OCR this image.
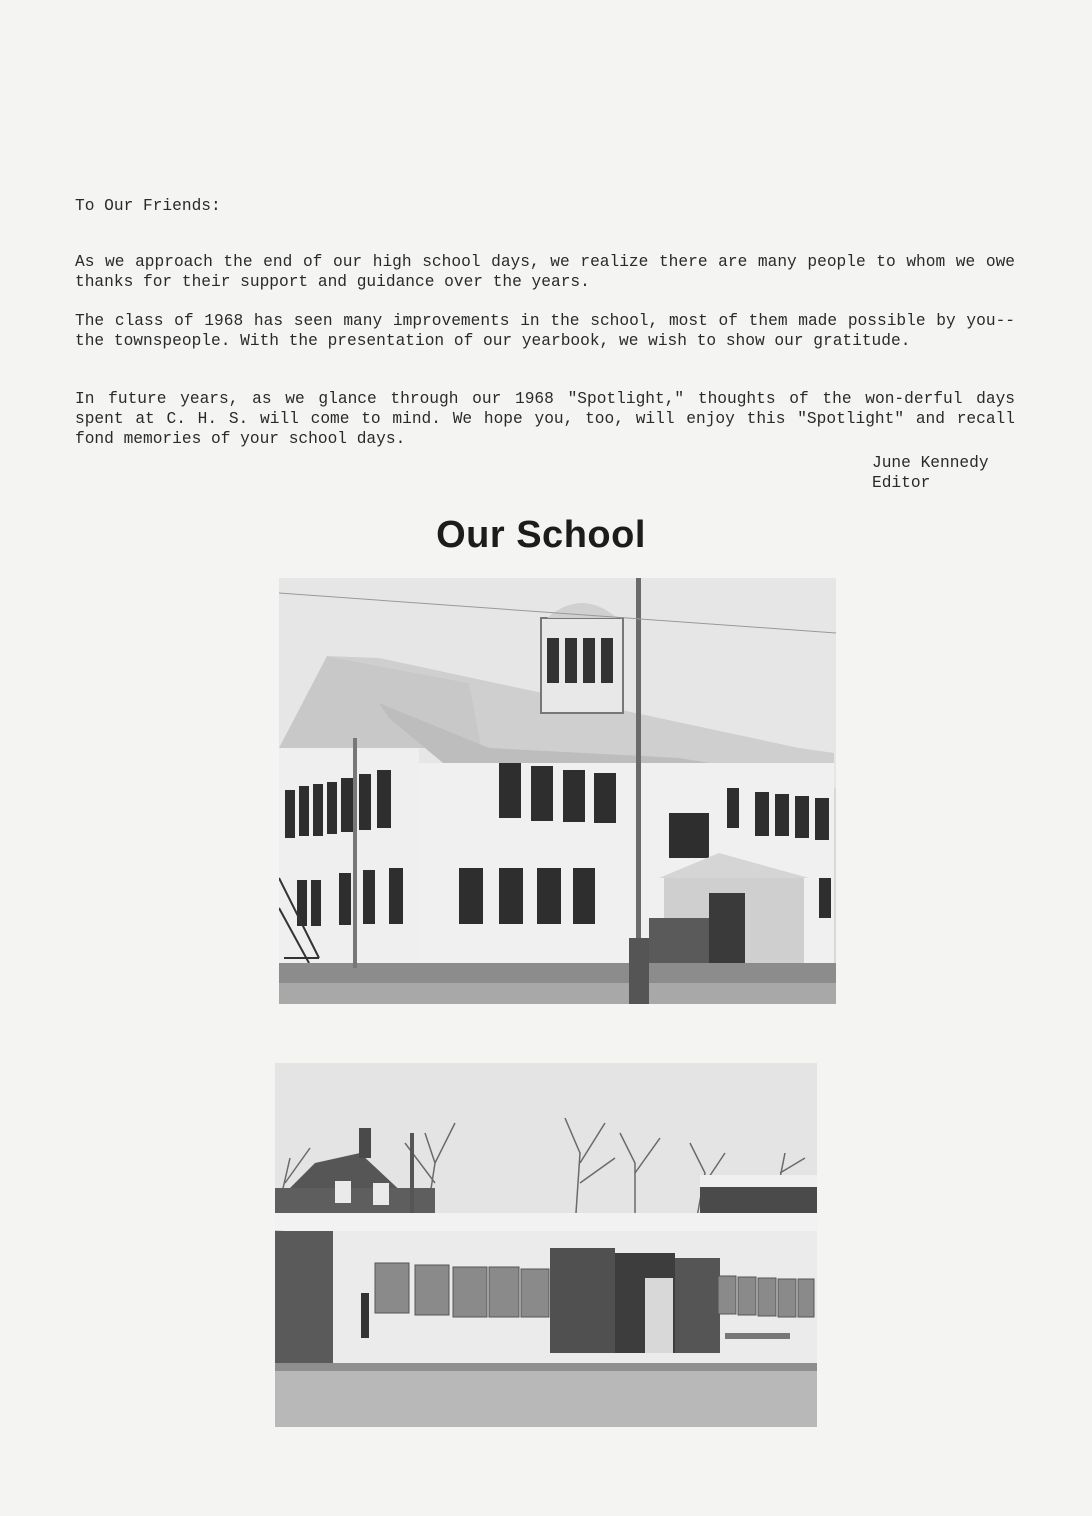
To Our Friends:

As we approach the end of our high school days, we realize there are many people to whom we owe thanks for their support and guidance over the years.

The class of 1968 has seen many improvements in the school, most of them made possible by you--the townspeople. With the presentation of our yearbook, we wish to show our gratitude.

In future years, as we glance through our 1968 "Spotlight," thoughts of the won-derful days spent at C. H. S. will come to mind. We hope you, too, will enjoy this "Spotlight" and recall fond memories of your school days.

June Kennedy
Editor
Our School
